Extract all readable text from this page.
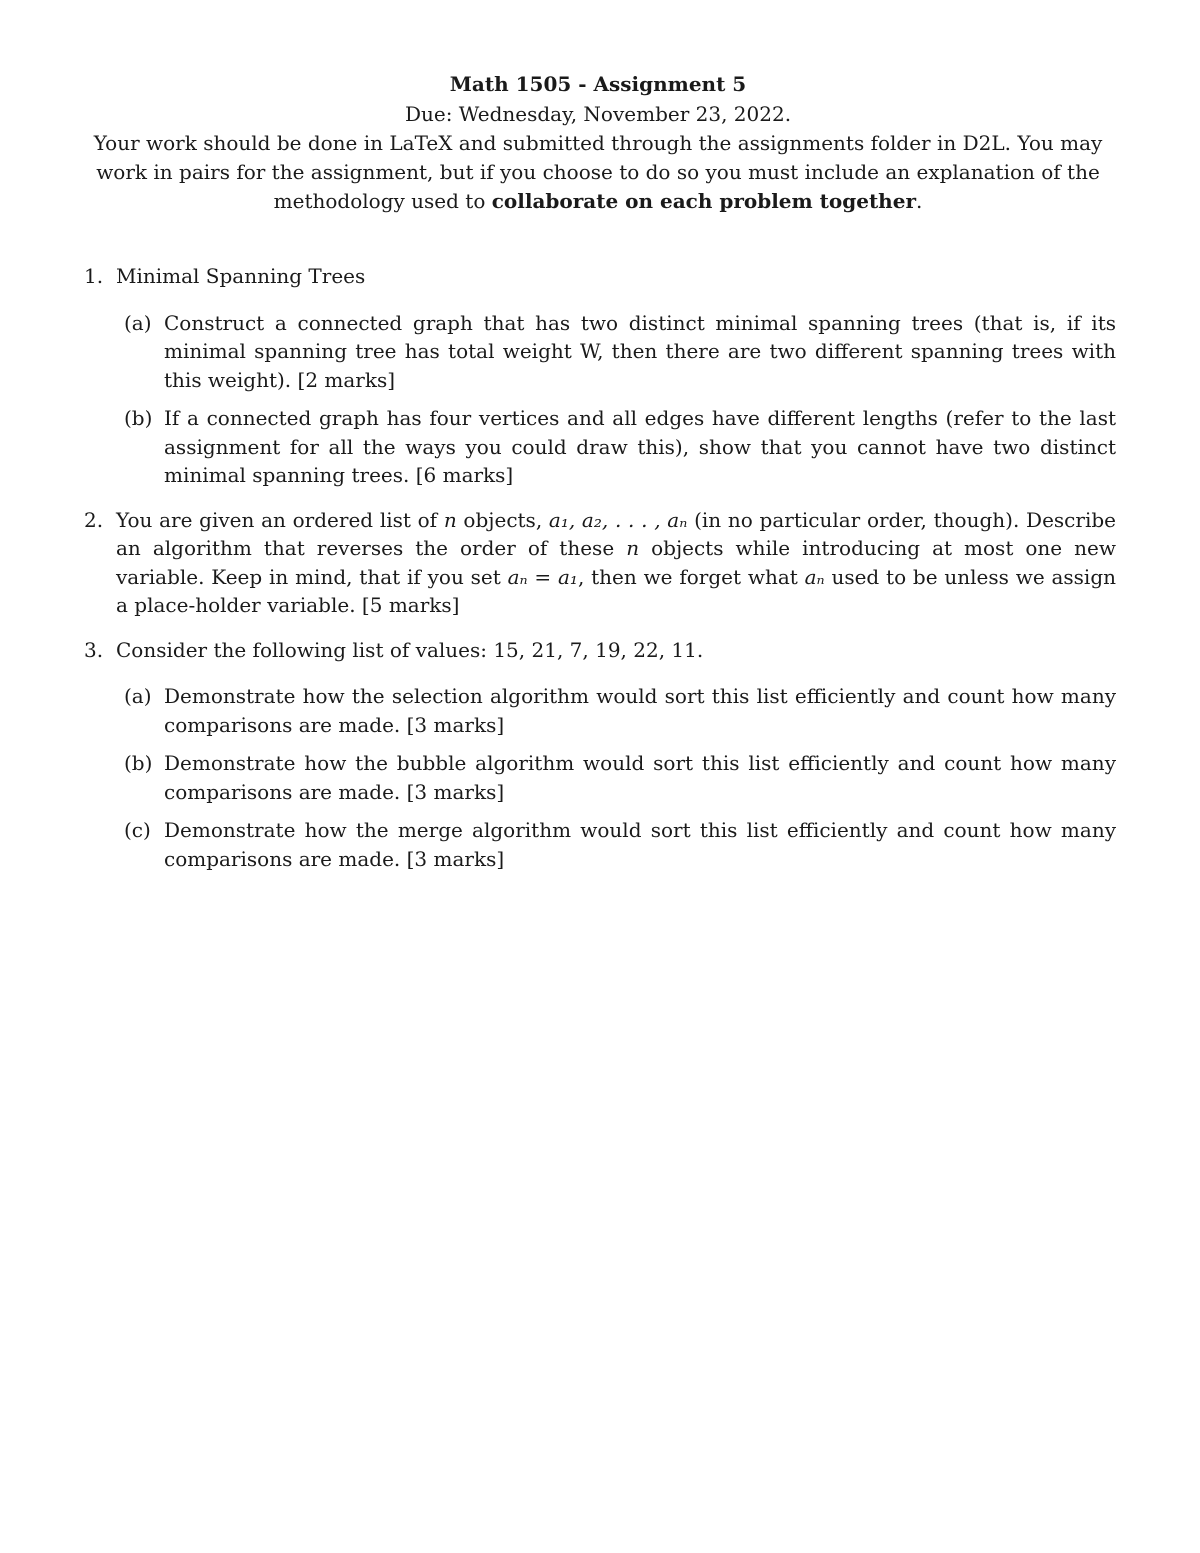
Math 1505 - Assignment 5
Due: Wednesday, November 23, 2022.
Your work should be done in LaTeX and submitted through the assignments folder in D2L. You may work in pairs for the assignment, but if you choose to do so you must include an explanation of the methodology used to collaborate on each problem together.
1. Minimal Spanning Trees
(a) Construct a connected graph that has two distinct minimal spanning trees (that is, if its minimal spanning tree has total weight W, then there are two different spanning trees with this weight). [2 marks]
(b) If a connected graph has four vertices and all edges have different lengths (refer to the last assignment for all the ways you could draw this), show that you cannot have two distinct minimal spanning trees. [6 marks]
2. You are given an ordered list of n objects, a₁, a₂, . . . , aₙ (in no particular order, though). Describe an algorithm that reverses the order of these n objects while introducing at most one new variable. Keep in mind, that if you set aₙ = a₁, then we forget what aₙ used to be unless we assign a place-holder variable. [5 marks]
3. Consider the following list of values: 15, 21, 7, 19, 22, 11.
(a) Demonstrate how the selection algorithm would sort this list efficiently and count how many comparisons are made. [3 marks]
(b) Demonstrate how the bubble algorithm would sort this list efficiently and count how many comparisons are made. [3 marks]
(c) Demonstrate how the merge algorithm would sort this list efficiently and count how many comparisons are made. [3 marks]
